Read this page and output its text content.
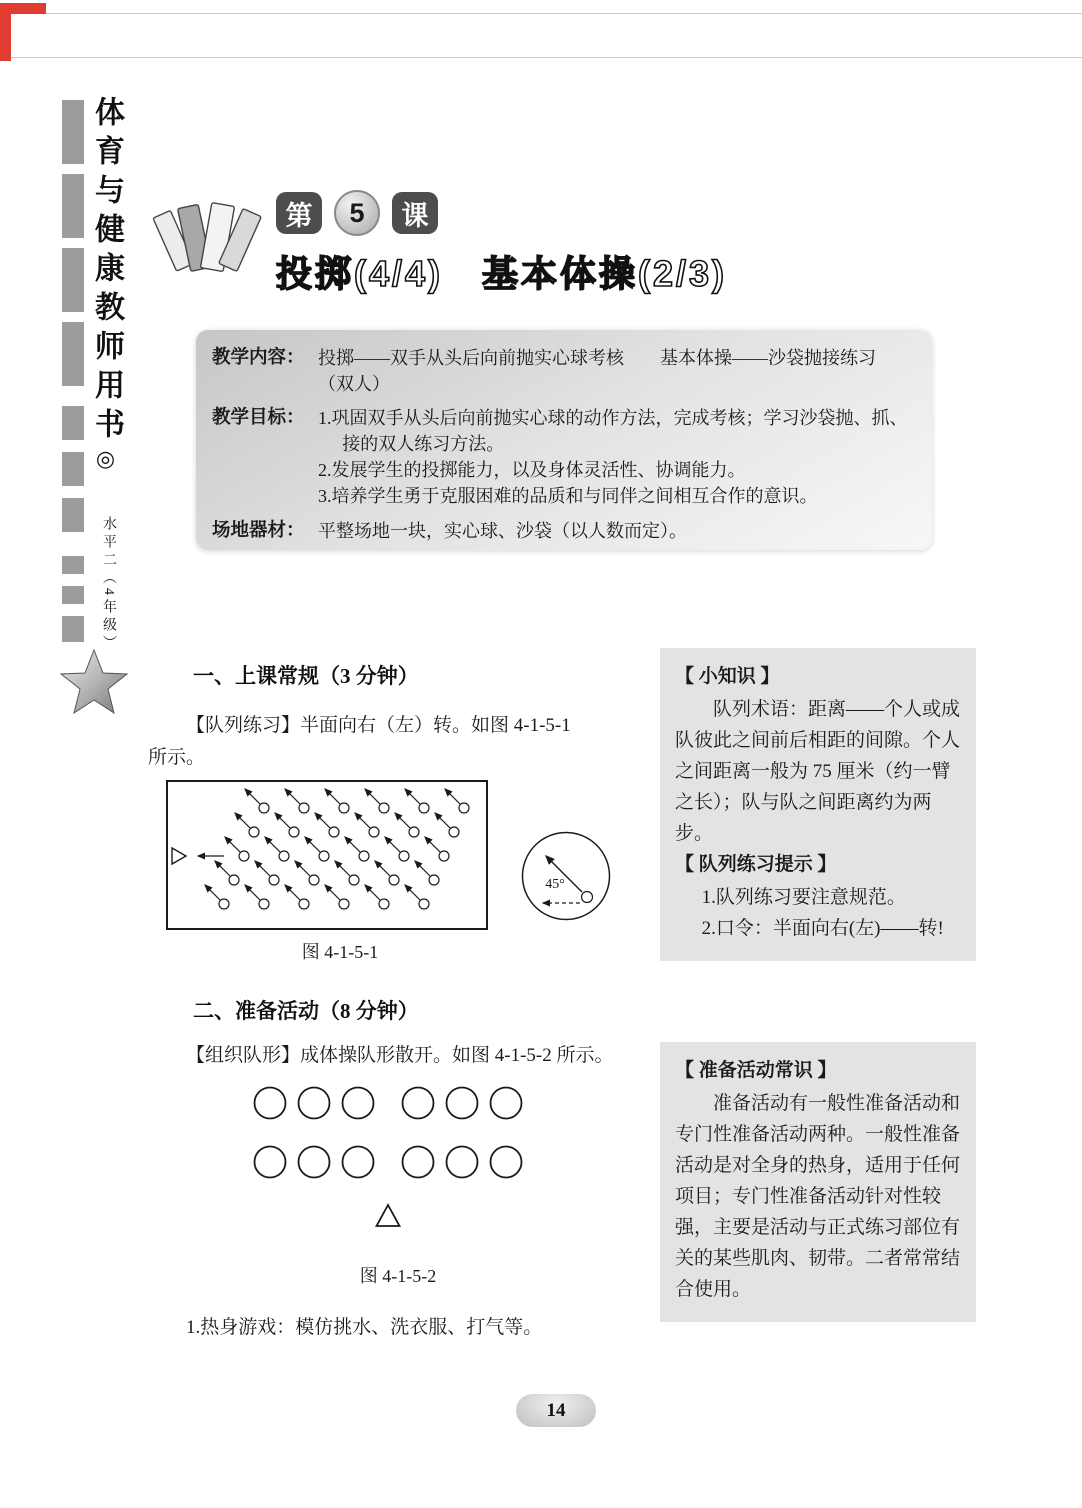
体育与健康教师用书◎
水平二（4年级）
第	5	课
投掷(4/4)　基本体操(2/3)
教学内容： 投掷——双手从头后向前抛实心球考核　　基本体操——沙袋抛接练习
（双人）
教学目标： 1.巩固双手从头后向前抛实心球的动作方法，完成考核；学习沙袋抛、抓、接的双人练习方法。
2.发展学生的投掷能力，以及身体灵活性、协调能力。
3.培养学生勇于克服困难的品质和与同伴之间相互合作的意识。
场地器材： 平整场地一块，实心球、沙袋（以人数而定）。
一、上课常规（3 分钟）
【队列练习】半面向右（左）转。如图 4-1-5-1
所示。
45°
图 4-1-5-1
二、准备活动（8 分钟）
【组织队形】成体操队形散开。如图 4-1-5-2 所示。
图 4-1-5-2
1.热身游戏：模仿挑水、洗衣服、打气等。
【 小知识 】
队列术语：距离——个人或成队彼此之间前后相距的间隙。个人之间距离一般为 75 厘米（约一臂之长）；队与队之间距离约为两步。
【 队列练习提示 】
1.队列练习要注意规范。
2.口令：半面向右(左)——转!
【 准备活动常识 】
准备活动有一般性准备活动和专门性准备活动两种。一般性准备活动是对全身的热身，适用于任何项目；专门性准备活动针对性较强，主要是活动与正式练习部位有关的某些肌肉、韧带。二者常常结合使用。
14
